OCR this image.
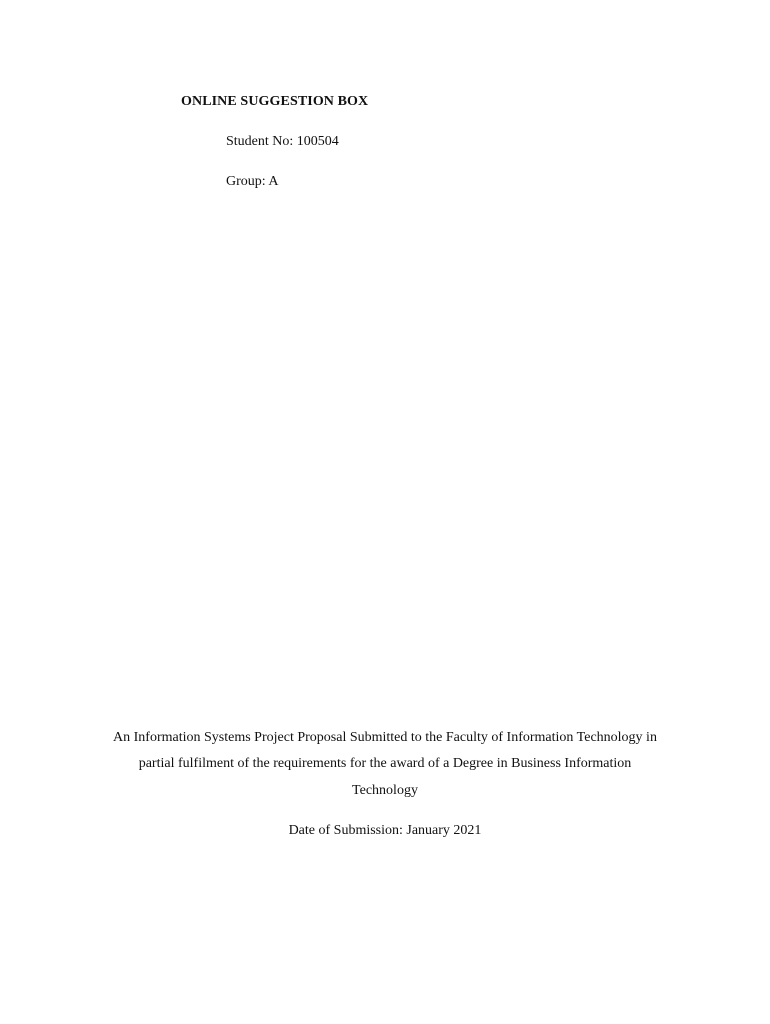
ONLINE SUGGESTION BOX
Student No: 100504
Group: A
An Information Systems Project Proposal Submitted to the Faculty of Information Technology in
partial fulfilment of the requirements for the award of a Degree in Business Information
Technology
Date of Submission: January 2021
